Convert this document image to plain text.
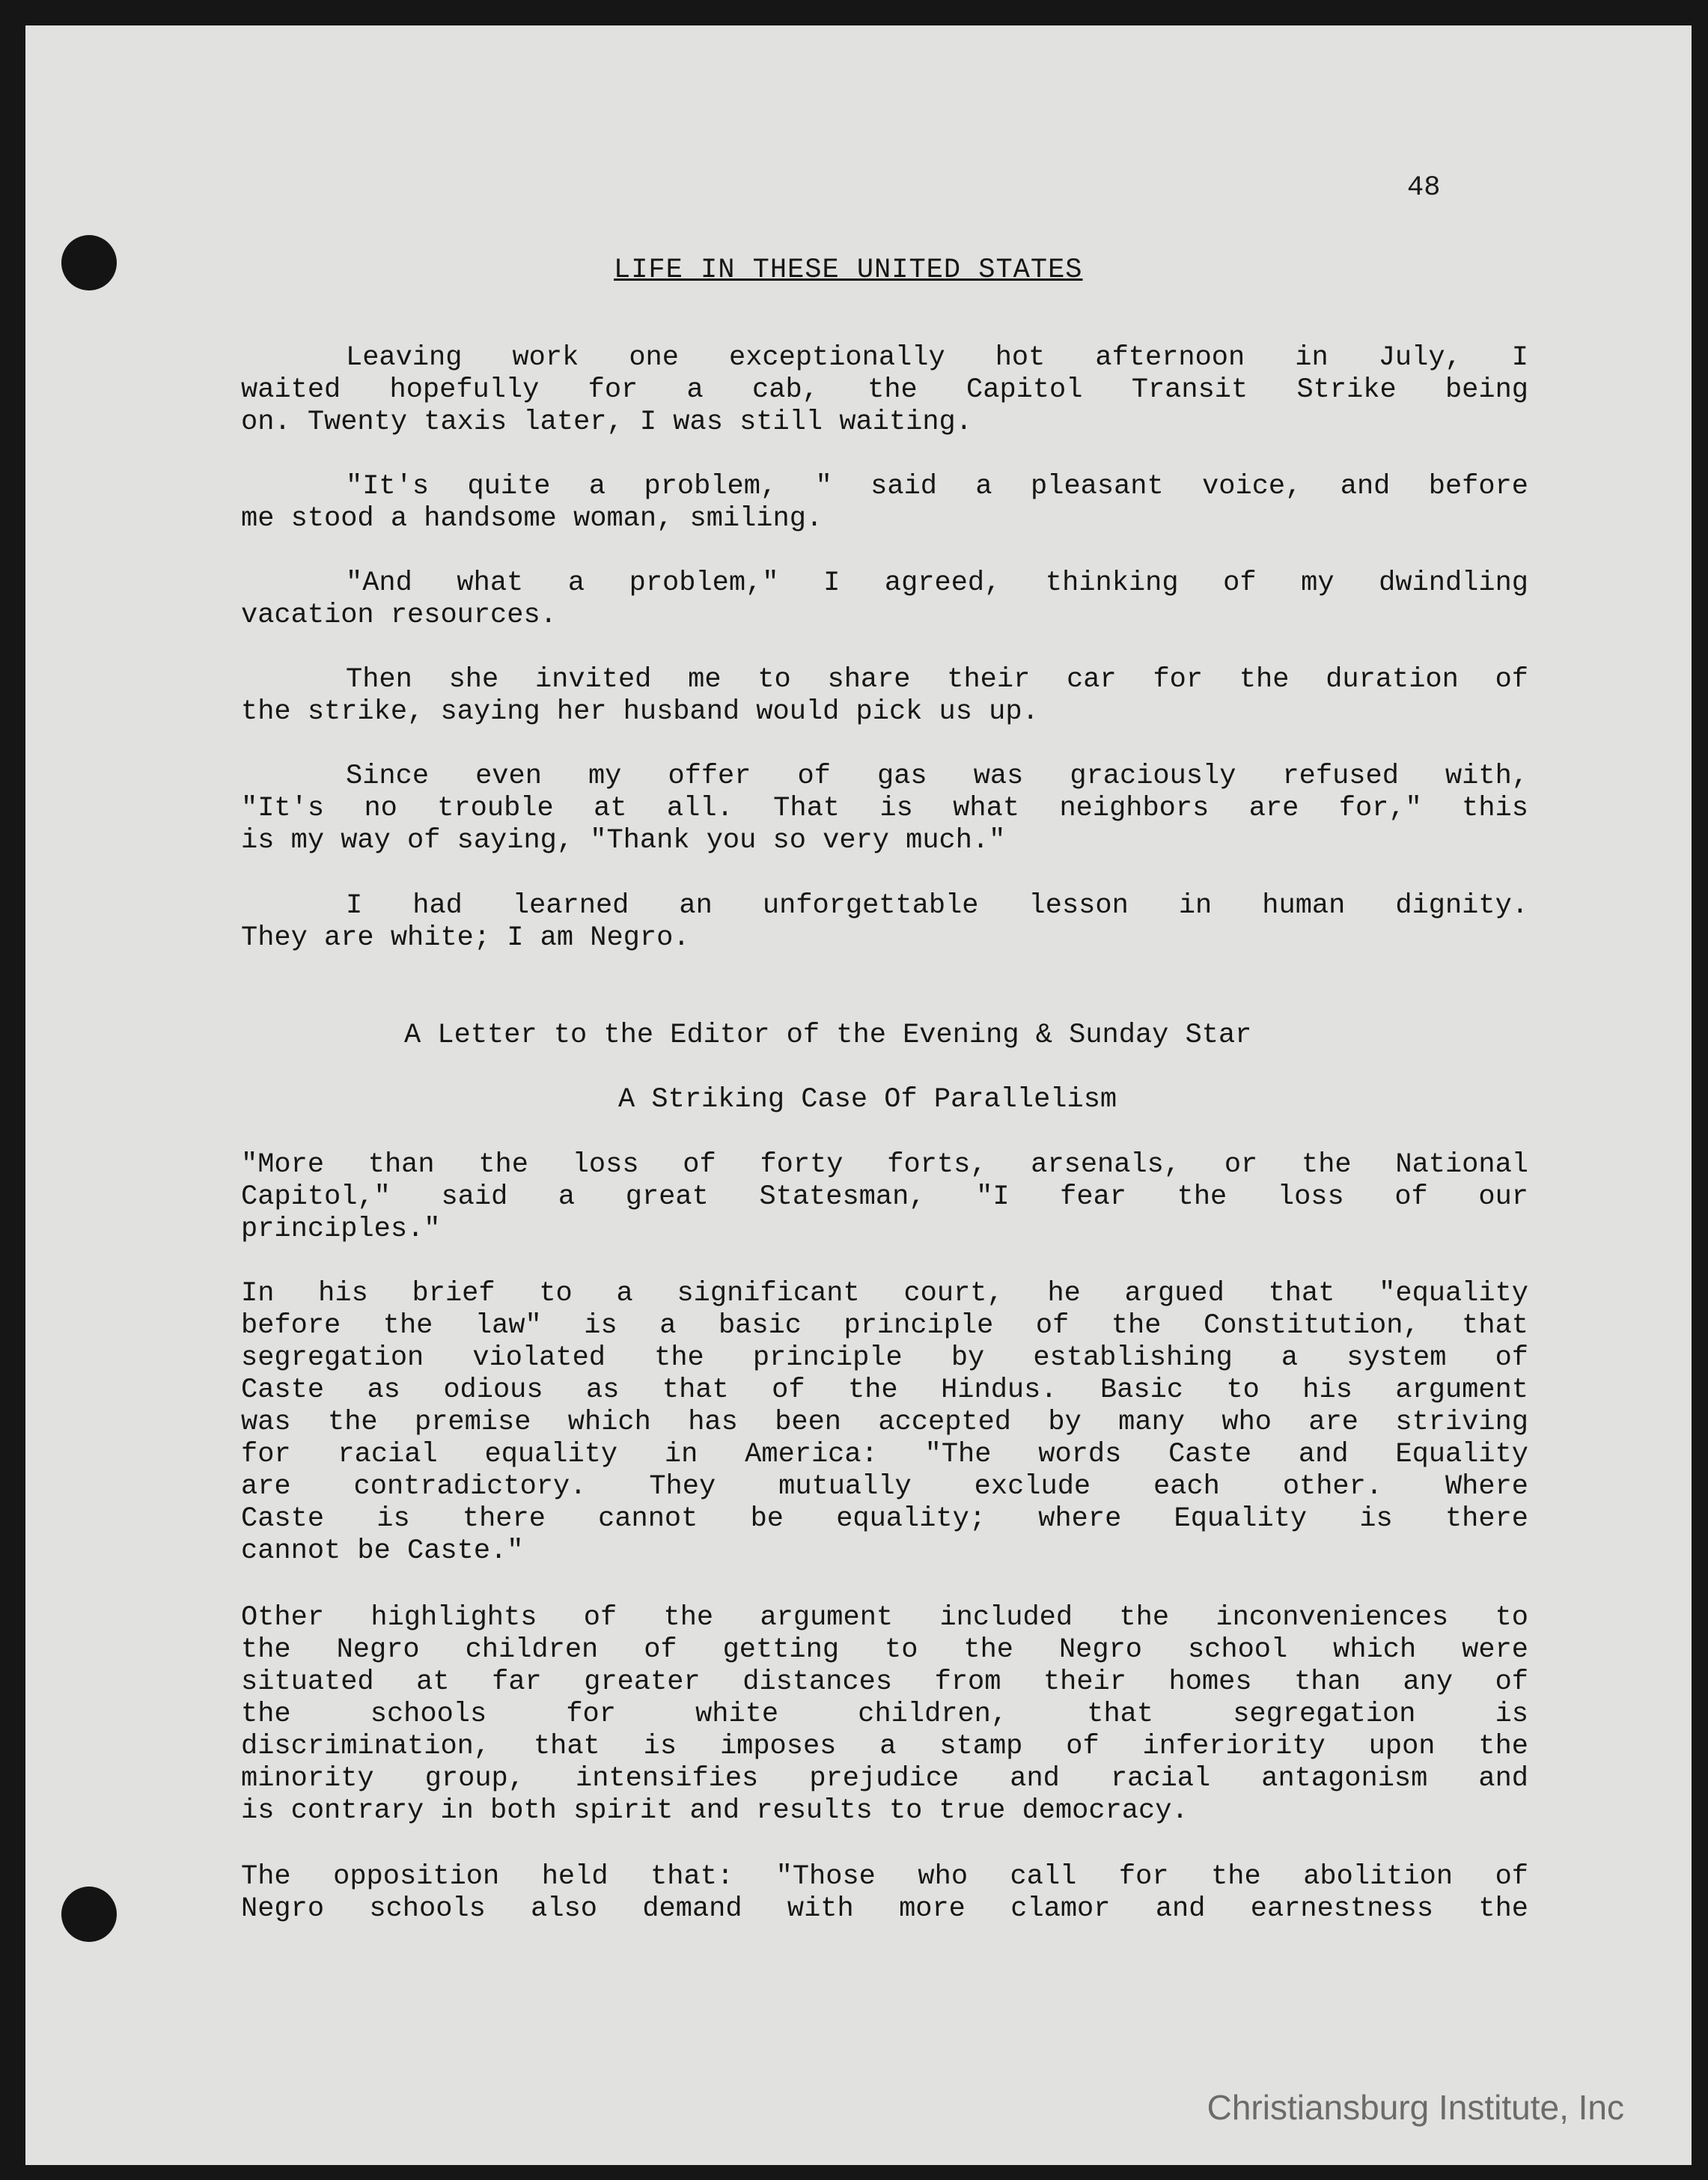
48
LIFE IN THESE UNITED STATES
Leaving work one exceptionally hot afternoon in July, I
waited hopefully for a cab, the Capitol Transit Strike being
on. Twenty taxis later, I was still waiting.
"It's quite a problem, " said a pleasant voice, and before
me stood a handsome woman, smiling.
"And what a problem," I agreed, thinking of my dwindling
vacation resources.
Then she invited me to share their car for the duration of
the strike, saying her husband would pick us up.
Since even my offer of gas was graciously refused with,
"It's no trouble at all. That is what neighbors are for," this
is my way of saying, "Thank you so very much."
I had learned an unforgettable lesson in human dignity.
They are white; I am Negro.
A Letter to the Editor of the Evening & Sunday Star
A Striking Case Of Parallelism
"More than the loss of forty forts, arsenals, or the National
Capitol," said a great Statesman, "I fear the loss of our
principles."
In his brief to a significant court, he argued that "equality
before the law" is a basic principle of the Constitution, that
segregation violated the principle by establishing a system of
Caste as odious as that of the Hindus. Basic to his argument
was the premise which has been accepted by many who are striving
for racial equality in America: "The words Caste and Equality
are contradictory. They mutually exclude each other. Where
Caste is there cannot be equality; where Equality is there
cannot be Caste."
Other highlights of the argument included the inconveniences to
the Negro children of getting to the Negro school which were
situated at far greater distances from their homes than any of
the schools for white children, that segregation is
discrimination, that is imposes a stamp of inferiority upon the
minority group, intensifies prejudice and racial antagonism and
is contrary in both spirit and results to true democracy.
The opposition held that: "Those who call for the abolition of
Negro schools also demand with more clamor and earnestness the
Christiansburg Institute, Inc
